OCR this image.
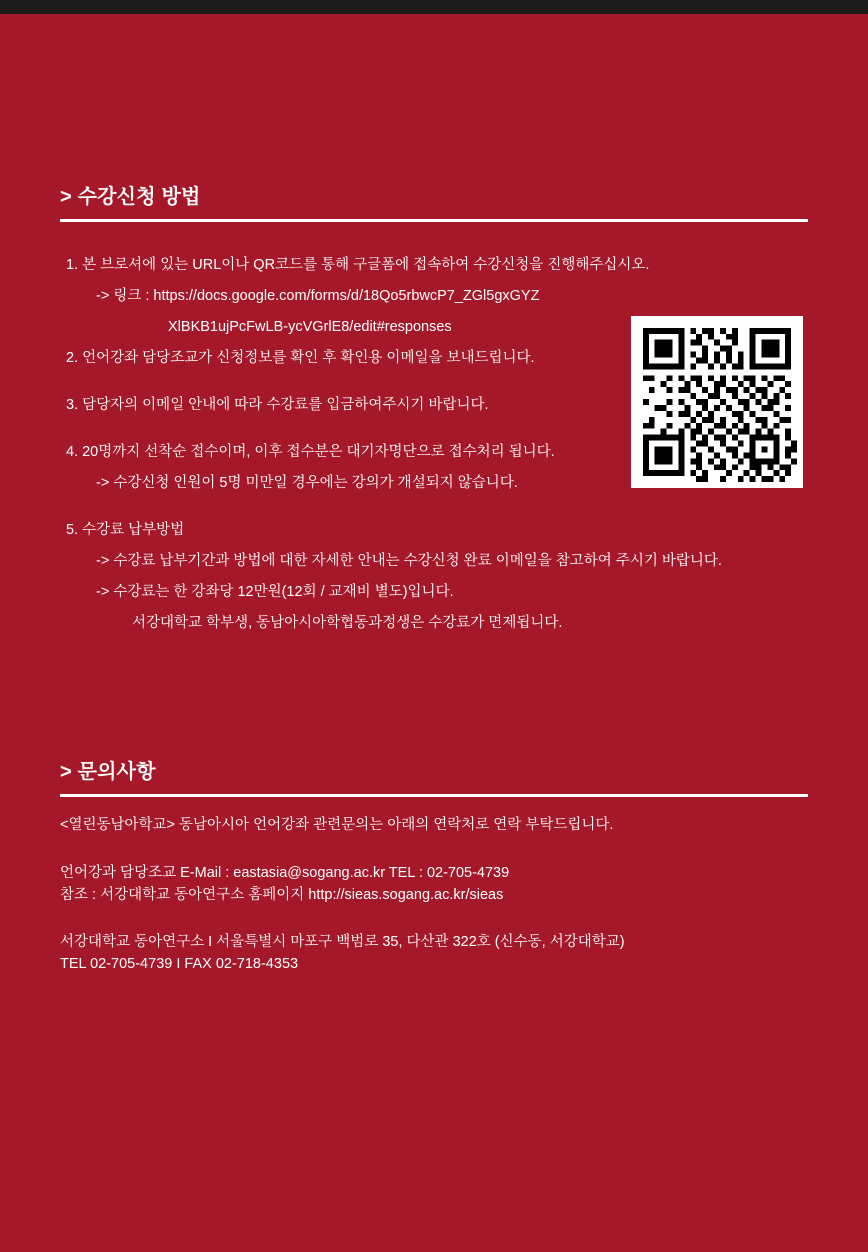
> 수강신청 방법
1. 본 브로셔에 있는 URL이나 QR코드를 통해 구글폼에 접속하여 수강신청을 진행해주십시오.
-> 링크 : https://docs.google.com/forms/d/18Qo5rbwcP7_ZGl5gxGYZ
XlBKB1ujPcFwLB-ycVGrlE8/edit#responses
2. 언어강좌 담당조교가 신청정보를 확인 후 확인용 이메일을 보내드립니다.
3. 담당자의 이메일 안내에 따라 수강료를 입금하여주시기 바랍니다.
4. 20명까지 선착순 접수이며, 이후 접수분은 대기자명단으로 접수처리 됩니다.
-> 수강신청 인원이 5명 미만일 경우에는 강의가 개설되지 않습니다.
5. 수강료 납부방법
-> 수강료 납부기간과 방법에 대한 자세한 안내는 수강신청 완료 이메일을 참고하여 주시기 바랍니다.
-> 수강료는 한 강좌당 12만원(12회 / 교재비 별도)입니다.
서강대학교 학부생, 동남아시아학협동과정생은 수강료가 면제됩니다.
> 문의사항
<열린동남아학교> 동남아시아 언어강좌 관련문의는 아래의 연락처로 연락 부탁드립니다.
언어강과 담당조교 E-Mail : eastasia@sogang.ac.kr TEL : 02-705-4739
참조 : 서강대학교 동아연구소 홈페이지 http://sieas.sogang.ac.kr/sieas
서강대학교 동아연구소 I 서울특별시 마포구 백범로 35, 다산관 322호 (신수동, 서강대학교)
TEL 02-705-4739 I FAX 02-718-4353
